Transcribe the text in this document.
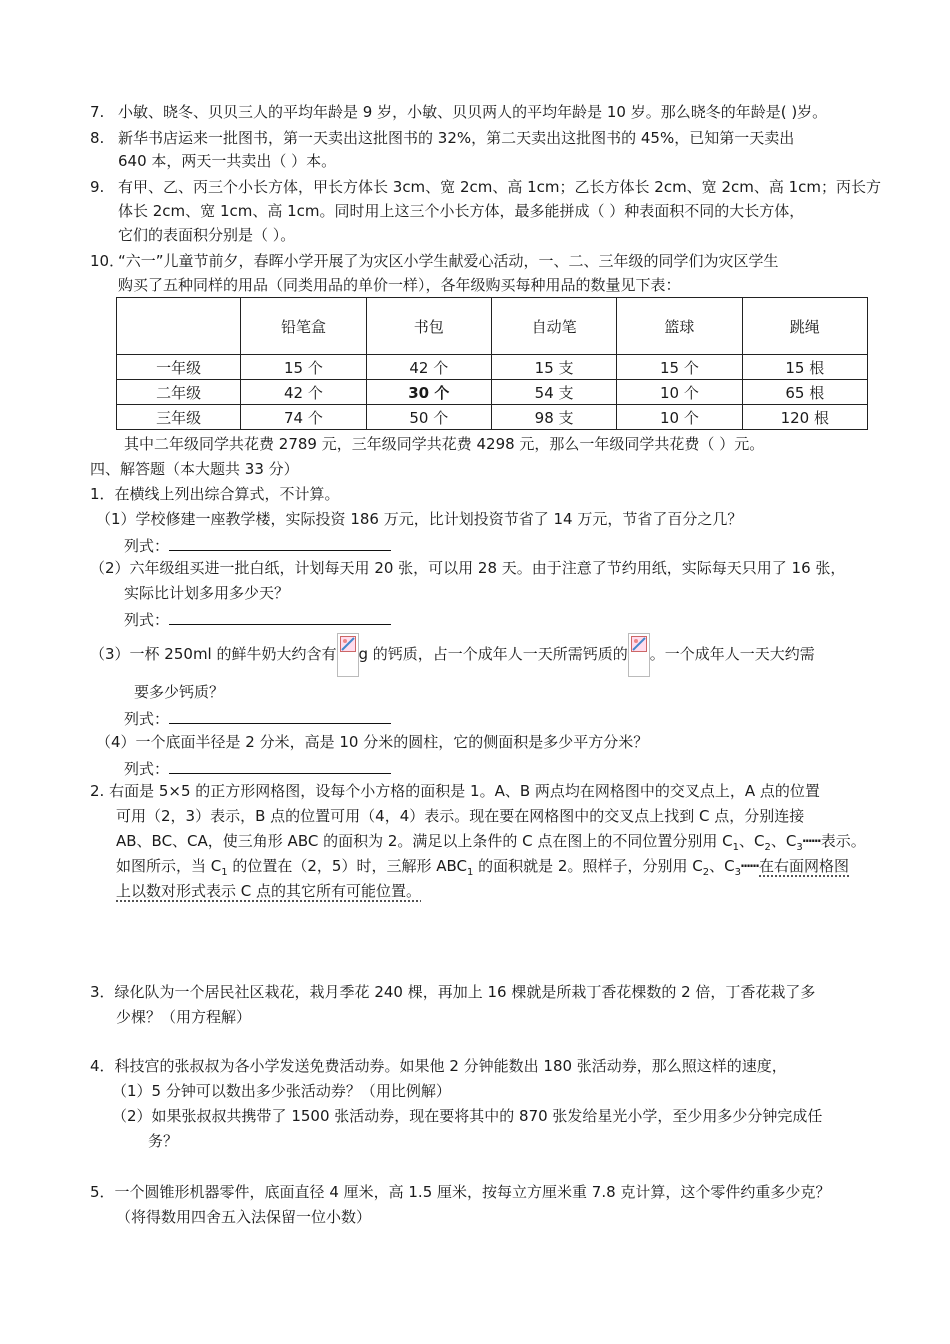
7. 小敏、晓冬、贝贝三人的平均年龄是 9 岁，小敏、贝贝两人的平均年龄是 10 岁。那么晓冬的年龄是( )岁。
8. 新华书店运来一批图书，第一天卖出这批图书的 32%，第二天卖出这批图书的 45%，已知第一天卖出
640 本，两天一共卖出（ ）本。
9. 有甲、乙、丙三个小长方体，甲长方体长 3cm、宽 2cm、高 1cm；乙长方体长 2cm、宽 2cm、高 1cm；丙长方
体长 2cm、宽 1cm、高 1cm。同时用上这三个小长方体，最多能拼成（ ）种表面积不同的大长方体，
它们的表面积分别是（ ）。
10．“六一”儿童节前夕，春晖小学开展了为灾区小学生献爱心活动，一、二、三年级的同学们为灾区学生
购买了五种同样的用品（同类用品的单价一样），各年级购买每种用品的数量见下表：
	铅笔盒	书包	自动笔	篮球	跳绳
一年级	15 个	42 个	15 支	15 个	15 根
二年级	42 个	30 个	54 支	10 个	65 根
三年级	74 个	50 个	98 支	10 个	120 根
其中二年级同学共花费 2789 元，三年级同学共花费 4298 元，那么一年级同学共花费（ ）元。
四、解答题（本大题共 33 分）
1．在横线上列出综合算式，不计算。
（1）学校修建一座教学楼，实际投资 186 万元，比计划投资节省了 14 万元，节省了百分之几？
列式：
（2）六年级组买进一批白纸，计划每天用 20 张，可以用 28 天。由于注意了节约用纸，实际每天只用了 16 张，
实际比计划多用多少天？
列式：
（3）一杯 250ml 的鲜牛奶大约含有 g 的钙质，占一个成年人一天所需钙质的 。一个成年人一天大约需
要多少钙质？
列式：
（4）一个底面半径是 2 分米，高是 10 分米的圆柱，它的侧面积是多少平方分米？
列式：
2. 右面是 5×5 的正方形网格图，设每个小方格的面积是 1。A、B 两点均在网格图中的交叉点上，A 点的位置
可用（2，3）表示，B 点的位置可用（4，4）表示。现在要在网格图中的交叉点上找到 C 点，分别连接
AB、BC、CA，使三角形 ABC 的面积为 2。满足以上条件的 C 点在图上的不同位置分别用 $C_1$、$C_2$、$C_3┅┅$表示。
如图所示，当 $C_1$ 的位置在（2，5）时，三解形 $ABC_1$ 的面积就是 2。照样子，分别用 $C_2$、$C_3┅┅$在右面网格图
上以数对形式表示 C 点的其它所有可能位置。
3．绿化队为一个居民社区栽花，栽月季花 240 棵，再加上 16 棵就是所栽丁香花棵数的 2 倍，丁香花栽了多
少棵？（用方程解）
4．科技宫的张叔叔为各小学发送免费活动券。如果他 2 分钟能数出 180 张活动券，那么照这样的速度，
（1）5 分钟可以数出多少张活动券？（用比例解）
（2）如果张叔叔共携带了 1500 张活动券，现在要将其中的 870 张发给星光小学，至少用多少分钟完成任
务？
5．一个圆锥形机器零件，底面直径 4 厘米，高 1.5 厘米，按每立方厘米重 7.8 克计算，这个零件约重多少克？
（将得数用四舍五入法保留一位小数）
